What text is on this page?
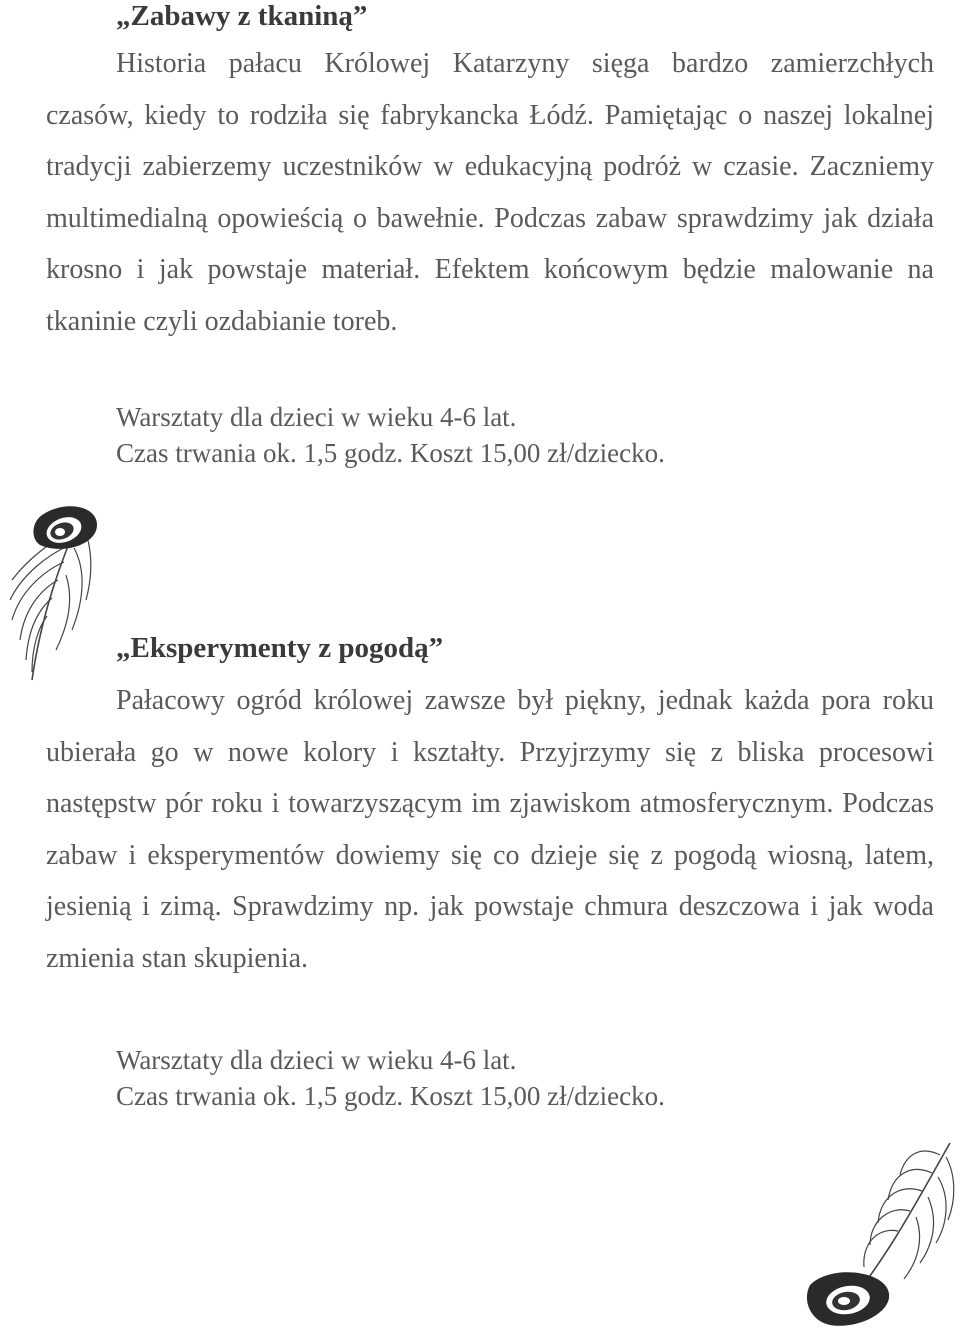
„Zabawy z tkaniną”

Historia pałacu Królowej Katarzyny sięga bardzo zamierzchłych czasów, kiedy to rodziła się fabrykancka Łódź. Pamiętając o naszej lokalnej tradycji zabierzemy uczestników w edukacyjną podróż w czasie. Zaczniemy multimedialną opowieścią o bawełnie. Podczas zabaw sprawdzimy jak działa krosno i jak powstaje materiał. Efektem końcowym będzie malowanie na tkaninie czyli ozdabianie toreb.

Warsztaty dla dzieci w wieku 4-6 lat.
Czas trwania ok. 1,5 godz. Koszt 15,00 zł/dziecko.
„Eksperymenty z pogodą”

Pałacowy ogród królowej zawsze był piękny, jednak każda pora roku ubierała go w nowe kolory i kształty. Przyjrzymy się z bliska procesowi następstw pór roku i towarzyszącym im zjawiskom atmosferycznym. Podczas zabaw i eksperymentów dowiemy się co dzieje się z pogodą wiosną, latem, jesienią i zimą. Sprawdzimy np. jak powstaje chmura deszczowa i jak woda zmienia stan skupienia.

Warsztaty dla dzieci w wieku 4-6 lat.
Czas trwania ok. 1,5 godz. Koszt 15,00 zł/dziecko.
